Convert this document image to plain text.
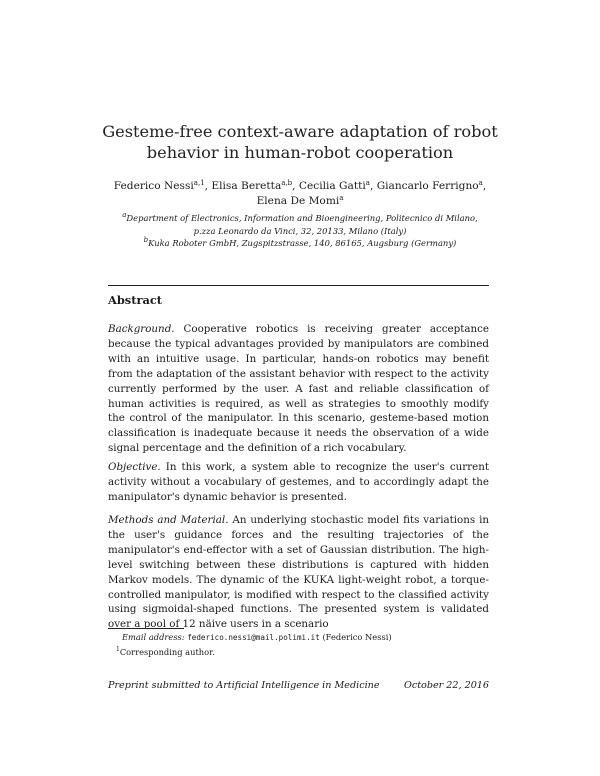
Gesteme-free context-aware adaptation of robot
behavior in human-robot cooperation
Federico Nessi$^{a,1}$, Elisa Beretta$^{a,b}$, Cecilia Gatti$^a$, Giancarlo Ferrigno$^a$,
Elena De Momi$^a$
$^a$Department of Electronics, Information and Bioengineering, Politecnico di Milano,
p.zza Leonardo da Vinci, 32, 20133, Milano (Italy)
$^b$Kuka Roboter GmbH, Zugspitzstrasse, 140, 86165, Augsburg (Germany)
Abstract
Background. Cooperative robotics is receiving greater acceptance because the typical advantages provided by manipulators are combined with an intuitive usage. In particular, hands-on robotics may benefit from the adaptation of the assistant behavior with respect to the activity currently performed by the user. A fast and reliable classification of human activities is required, as well as strategies to smoothly modify the control of the manipulator. In this scenario, gesteme-based motion classification is inadequate because it needs the observation of a wide signal percentage and the definition of a rich vocabulary.
Objective. In this work, a system able to recognize the user's current activity without a vocabulary of gestemes, and to accordingly adapt the manipulator's dynamic behavior is presented.
Methods and Material. An underlying stochastic model fits variations in the user's guidance forces and the resulting trajectories of the manipulator's end-effector with a set of Gaussian distribution. The high-level switching between these distributions is captured with hidden Markov models. The dynamic of the KUKA light-weight robot, a torque-controlled manipulator, is modified with respect to the classified activity using sigmoidal-shaped functions. The presented system is validated over a pool of 12 näive users in a scenario
Email address: federico.nessi@mail.polimi.it (Federico Nessi)
$^1$Corresponding author.
Preprint submitted to Artificial Intelligence in Medicine	October 22, 2016
